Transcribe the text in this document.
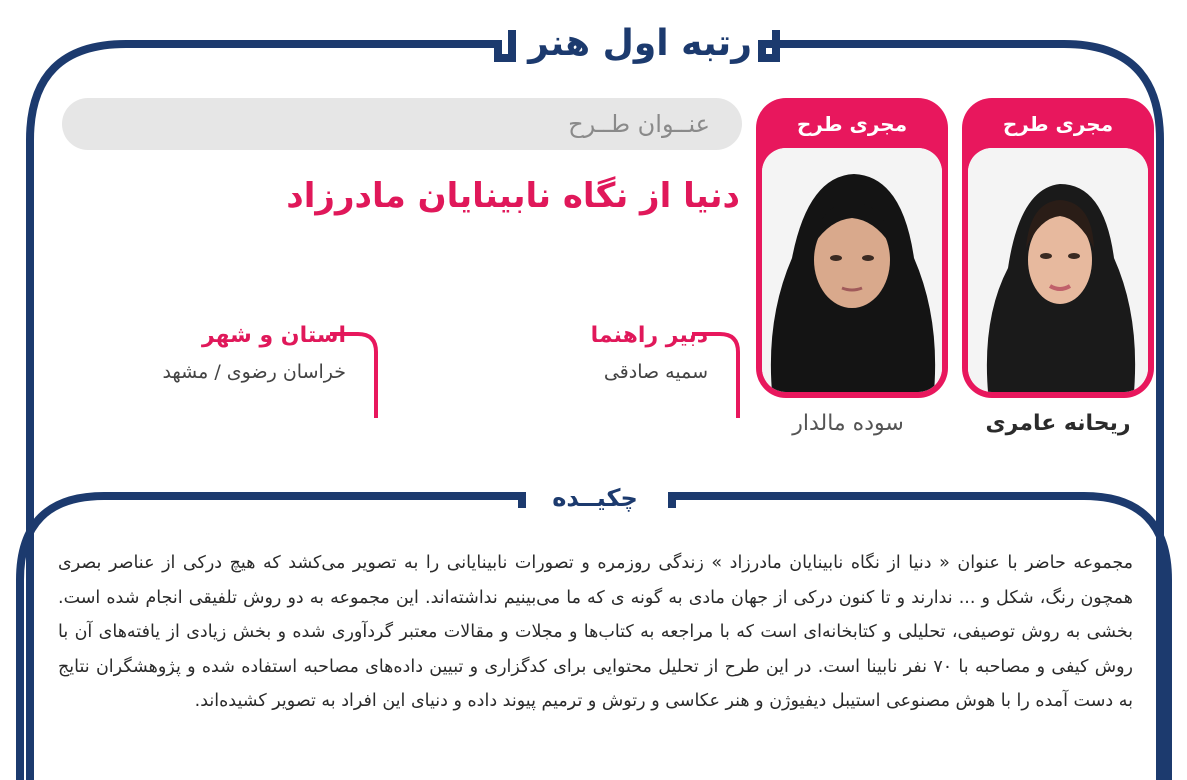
رتبه اول هنر
عنــوان طــرح
دنیا از نگاه نابینایان مادرزاد
مجری طرح
ریحانه عامری
مجری طرح
سوده مالدار
دبیر راهنما
سمیه صادقی
استان و شهر
خراسان رضوی / مشهد
چکیــده
مجموعه حاضر با عنوان « دنیا از نگاه نابینایان مادرزاد » زندگی روزمره و تصورات نابینایانی را به تصویر می‌کشد که هیچ درکی از عناصر بصری همچون رنگ، شکل و ... ندارند و تا کنون درکی از جهان مادی به گونه ی که ما می‌بینیم نداشته‌اند. این مجموعه به دو روش تلفیقی انجام شده است. بخشی به روش توصیفی، تحلیلی و کتابخانه‌ای است که با مراجعه به کتاب‌ها و مجلات و مقالات معتبر گردآوری شده و بخش زیادی از یافته‌های آن با روش کیفی و مصاحبه با ۷۰ نفر نابینا است. در این طرح از تحلیل محتوایی برای کدگزاری و تبیین داده‌های مصاحبه استفاده شده و پژوهشگران نتایج به دست آمده را با هوش مصنوعی استیبل دیفیوژن و هنر عکاسی و رتوش و ترمیم پیوند داده و دنیای این افراد به تصویر کشیده‌اند.
